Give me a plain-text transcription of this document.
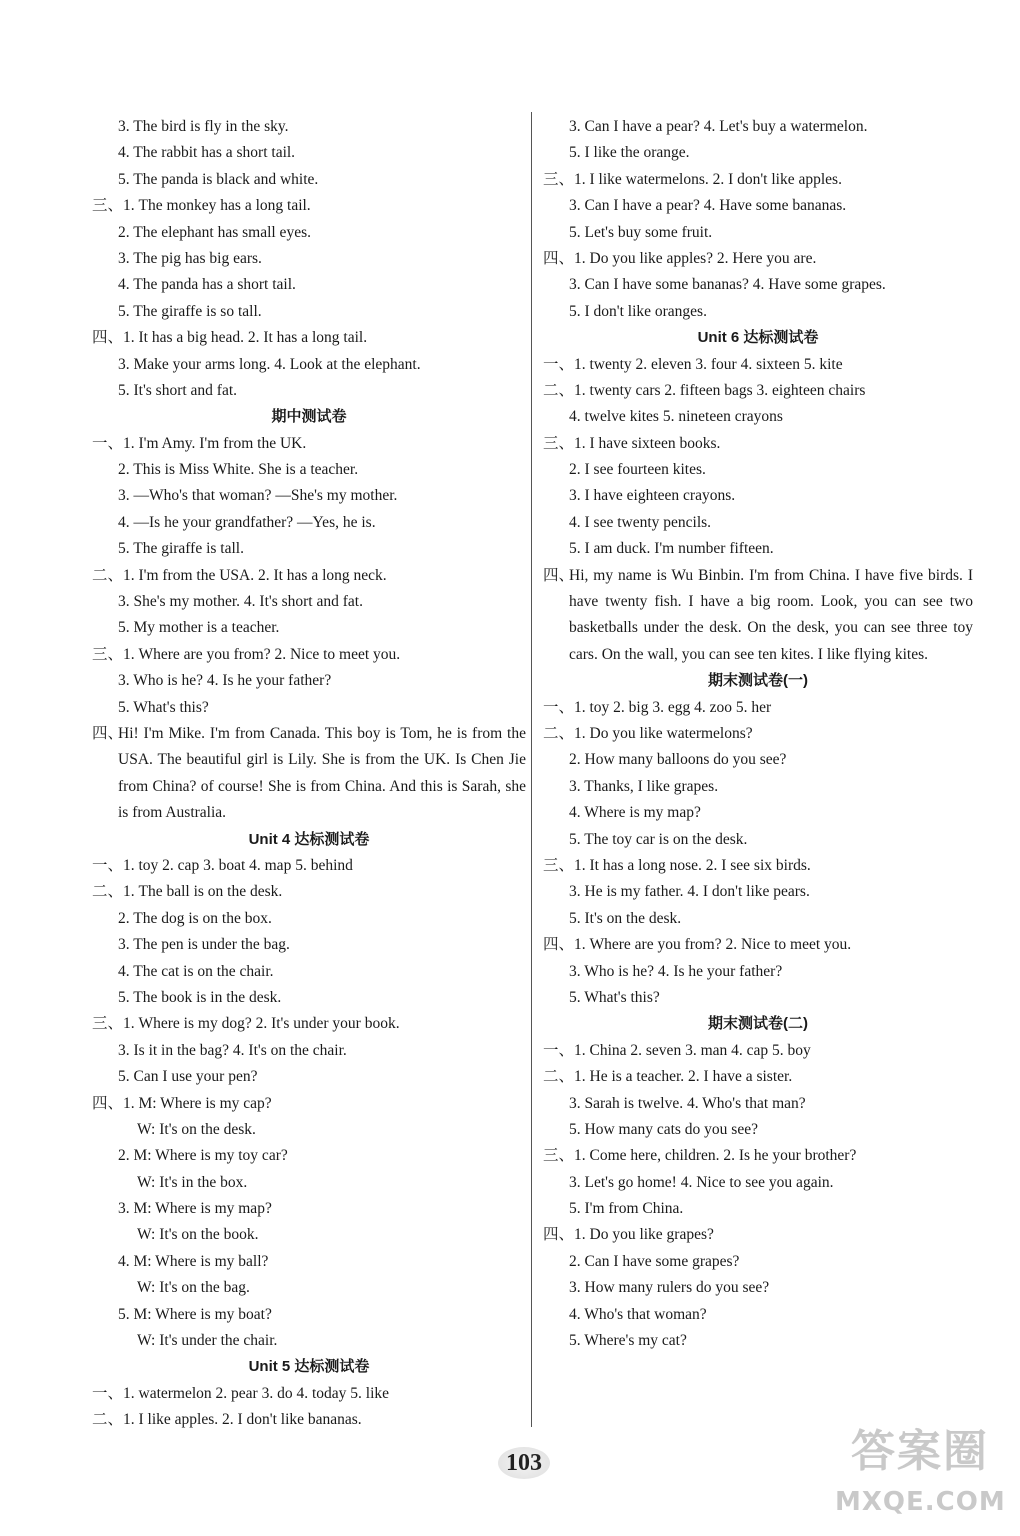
3. The bird is fly in the sky.
4. The rabbit has a short tail.
5. The panda is black and white.
三、1. The monkey has a long tail.
2. The elephant has small eyes.
3. The pig has big ears.
4. The panda has a short tail.
5. The giraffe is so tall.
四、1. It has a big head. 2. It has a long tail.
3. Make your arms long. 4. Look at the elephant.
5. It's short and fat.
期中测试卷
一、1. I'm Amy. I'm from the UK.
2. This is Miss White. She is a teacher.
3. —Who's that woman? —She's my mother.
4. —Is he your grandfather? —Yes, he is.
5. The giraffe is tall.
二、1. I'm from the USA. 2. It has a long neck.
3. She's my mother. 4. It's short and fat.
5. My mother is a teacher.
三、1. Where are you from? 2. Nice to meet you.
3. Who is he? 4. Is he your father?
5. What's this?
四、
Hi! I'm Mike. I'm from Canada. This boy is Tom, he is from the USA. The beautiful girl is Lily. She is from the UK. Is Chen Jie from China? of course! She is from China. And this is Sarah, she is from Australia.
Unit 4 达标测试卷
一、1. toy 2. cap 3. boat 4. map 5. behind
二、1. The ball is on the desk.
2. The dog is on the box.
3. The pen is under the bag.
4. The cat is on the chair.
5. The book is in the desk.
三、1. Where is my dog? 2. It's under your book.
3. Is it in the bag? 4. It's on the chair.
5. Can I use your pen?
四、1. M: Where is my cap?
W: It's on the desk.
2. M: Where is my toy car?
W: It's in the box.
3. M: Where is my map?
W: It's on the book.
4. M: Where is my ball?
W: It's on the bag.
5. M: Where is my boat?
W: It's under the chair.
Unit 5 达标测试卷
一、1. watermelon 2. pear 3. do 4. today 5. like
二、1. I like apples. 2. I don't like bananas.
3. Can I have a pear? 4. Let's buy a watermelon.
5. I like the orange.
三、1. I like watermelons. 2. I don't like apples.
3. Can I have a pear? 4. Have some bananas.
5. Let's buy some fruit.
四、1. Do you like apples? 2. Here you are.
3. Can I have some bananas? 4. Have some grapes.
5. I don't like oranges.
Unit 6 达标测试卷
一、1. twenty 2. eleven 3. four 4. sixteen 5. kite
二、1. twenty cars 2. fifteen bags 3. eighteen chairs
4. twelve kites 5. nineteen crayons
三、1. I have sixteen books.
2. I see fourteen kites.
3. I have eighteen crayons.
4. I see twenty pencils.
5. I am duck. I'm number fifteen.
四、
Hi, my name is Wu Binbin. I'm from China. I have five birds. I have twenty fish. I have a big room. Look, you can see two basketballs under the desk. On the desk, you can see three toy cars. On the wall, you can see ten kites. I like flying kites.
期末测试卷(一)
一、1. toy 2. big 3. egg 4. zoo 5. her
二、1. Do you like watermelons?
2. How many balloons do you see?
3. Thanks, I like grapes.
4. Where is my map?
5. The toy car is on the desk.
三、1. It has a long nose. 2. I see six birds.
3. He is my father. 4. I don't like pears.
5. It's on the desk.
四、1. Where are you from? 2. Nice to meet you.
3. Who is he? 4. Is he your father?
5. What's this?
期末测试卷(二)
一、1. China 2. seven 3. man 4. cap 5. boy
二、1. He is a teacher. 2. I have a sister.
3. Sarah is twelve. 4. Who's that man?
5. How many cats do you see?
三、1. Come here, children. 2. Is he your brother?
3. Let's go home! 4. Nice to see you again.
5. I'm from China.
四、1. Do you like grapes?
2. Can I have some grapes?
3. How many rulers do you see?
4. Who's that woman?
5. Where's my cat?
103	答案圈
MXQE.COM
